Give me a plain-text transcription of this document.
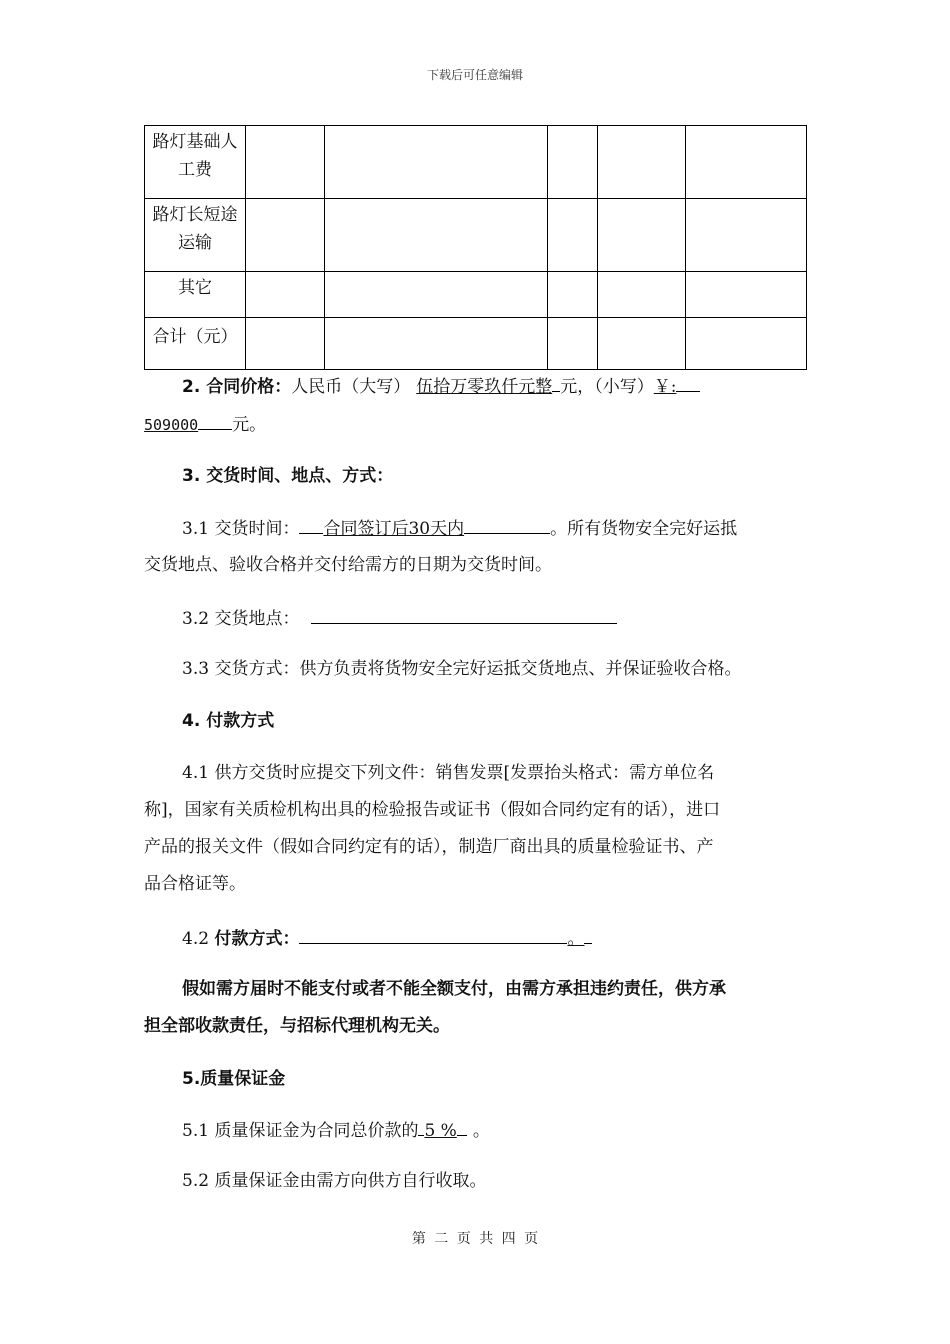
下载后可任意编辑
路灯基础人工费					

路灯长短途运输					

其它					
合计（元）					
2. 合同价格：人民币（大写） 伍拾万零玖仟元整 元，（小写）￥:
509000 元。
3. 交货时间、地点、方式：
3.1 交货时间： 合同签订后30天内	。所有货物安全完好运抵
交货地点、验收合格并交付给需方的日期为交货时间。
3.2 交货地点：
3.3 交货方式：供方负责将货物安全完好运抵交货地点、并保证验收合格。
4. 付款方式
4.1 供方交货时应提交下列文件：销售发票[发票抬头格式：需方单位名
称]，国家有关质检机构出具的检验报告或证书（假如合同约定有的话），进口
产品的报关文件（假如合同约定有的话），制造厂商出具的质量检验证书、产
品合格证等。
4.2 付款方式：	。
假如需方届时不能支付或者不能全额支付，由需方承担违约责任，供方承
担全部收款责任，与招标代理机构无关。
5.质量保证金
5.1 质量保证金为合同总价款的 5 % 。
5.2 质量保证金由需方向供方自行收取。
第 二 页 共 四 页
